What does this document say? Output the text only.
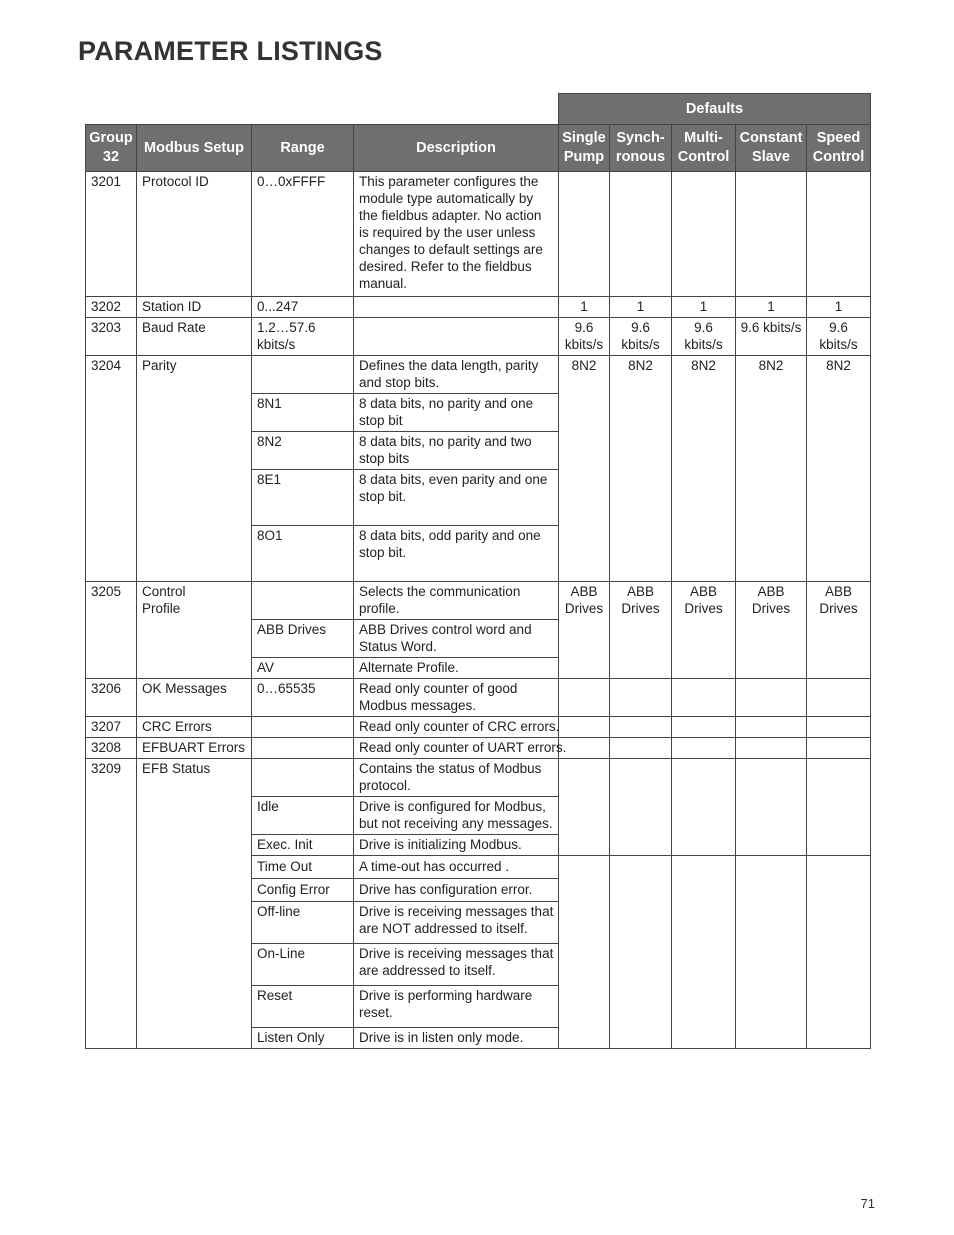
PARAMETER LISTINGS
				Defaults				
Group 32	Modbus Setup	Range	Description	Single Pump	Synch-ronous	Multi-Control	Constant Slave	Speed Control
3201	Protocol ID	0…0xFFFF	This parameter configures the module type automatically by the fieldbus adapter. No action is required by the user unless changes to default settings are desired. Refer to the fieldbus manual.					
3202	Station ID	0...247		1	1	1	1	1
3203	Baud Rate	1.2…57.6 kbits/s		9.6 kbits/s	9.6 kbits/s	9.6 kbits/s	9.6 kbits/s	9.6 kbits/s
3204	Parity		Defines the data length, parity and stop bits.	8N2	8N2	8N2	8N2	8N2
		8N1	8 data bits, no parity and one stop bit					
		8N2	8 data bits, no parity and two stop bits					
		8E1	8 data bits, even parity and one stop bit.					
		8O1	8 data bits, odd parity and one stop bit.					
3205	Control Profile		Selects the communication profile.	ABB Drives	ABB Drives	ABB Drives	ABB Drives	ABB Drives
		ABB Drives	ABB Drives control word and Status Word.					
		AV	Alternate Profile.					
3206	OK Messages	0…65535	Read only counter of good Modbus messages.					
3207	CRC Errors		Read only counter of CRC errors.					
3208	EFBUART Errors		Read only counter of UART errors.					
3209	EFB Status		Contains the status of Modbus protocol.					
		Idle	Drive is configured for Modbus, but not receiving any messages.					
		Exec. Init	Drive is initializing Modbus.					
		Time Out	A time-out has occurred .					
		Config Error	Drive has configuration error.					
		Off-line	Drive is receiving messages that are NOT addressed to itself.					
		On-Line	Drive is receiving messages that are addressed to itself.					
		Reset	Drive is performing hardware reset.					
		Listen Only	Drive is in listen only mode.					
71
